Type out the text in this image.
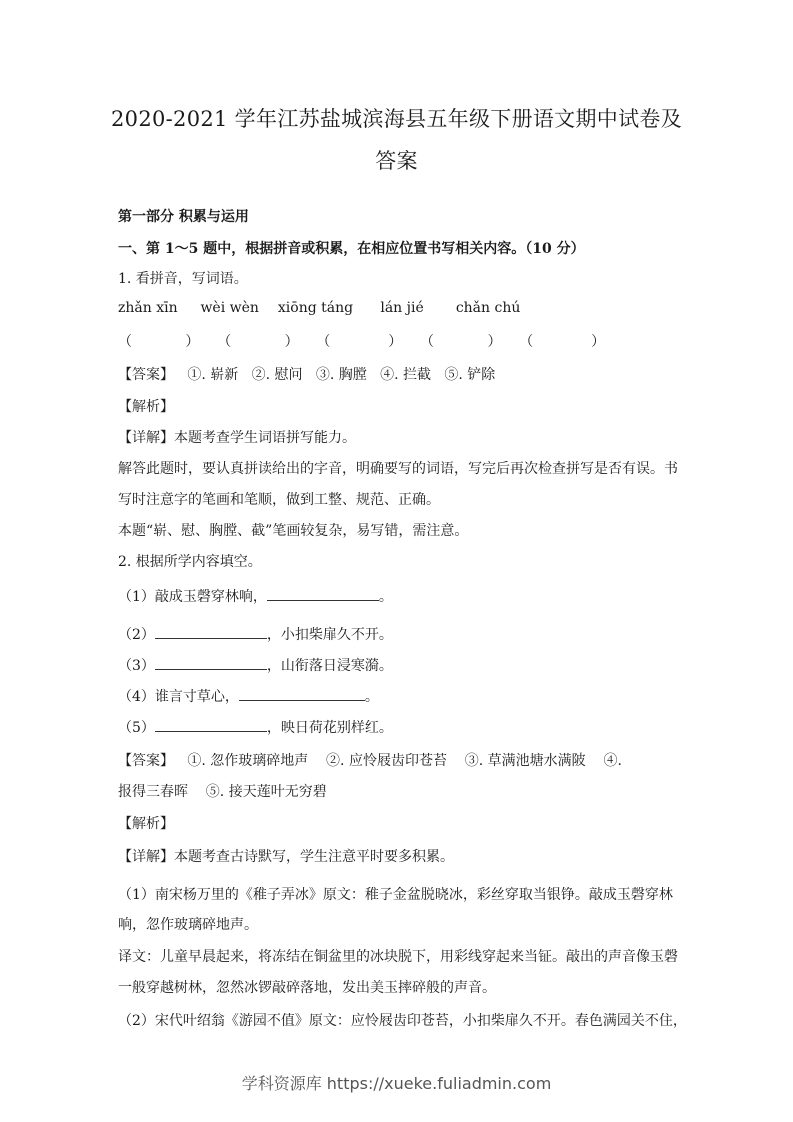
2020-2021 学年江苏盐城滨海县五年级下册语文期中试卷及
答案
第一部分 积累与运用
一、第 1～5 题中，根据拼音或积累，在相应位置书写相关内容。（10 分）
1. 看拼音，写词语。
zhǎn xīn wèi wèn xiōng táng lán jié chǎn chú
（            ）    （            ）    （             ）    （            ）    （             ）
【答案】   ①. 崭新   ②. 慰问   ③. 胸膛   ④. 拦截   ⑤. 铲除
【解析】
【详解】本题考查学生词语拼写能力。
解答此题时，要认真拼读给出的字音，明确要写的词语，写完后再次检查拼写是否有误。书
写时注意字的笔画和笔顺，做到工整、规范、正确。
本题“崭、慰、胸膛、截”笔画较复杂，易写错，需注意。
2. 根据所学内容填空。
（1）敲成玉磬穿林响，	。
（2）	，小扣柴扉久不开。
（3）	，山衔落日浸寒漪。
（4）谁言寸草心，	。
（5）	，映日荷花别样红。
【答案】   ①. 忽作玻璃碎地声    ②. 应怜屐齿印苍苔    ③. 草满池塘水满陂    ④.
报得三春晖    ⑤. 接天莲叶无穷碧
【解析】
【详解】本题考查古诗默写，学生注意平时要多积累。
（1）南宋杨万里的《稚子弄冰》原文：稚子金盆脱晓冰，彩丝穿取当银铮。敲成玉磬穿林
响，忽作玻璃碎地声。
译文：儿童早晨起来，将冻结在铜盆里的冰块脱下，用彩线穿起来当钲。敲出的声音像玉磬
一般穿越树林，忽然冰锣敲碎落地，发出美玉摔碎般的声音。
（2）宋代叶绍翁《游园不值》原文：应怜屐齿印苍苔，小扣柴扉久不开。春色满园关不住，
学科资源库 https://xueke.fuliadmin.com
